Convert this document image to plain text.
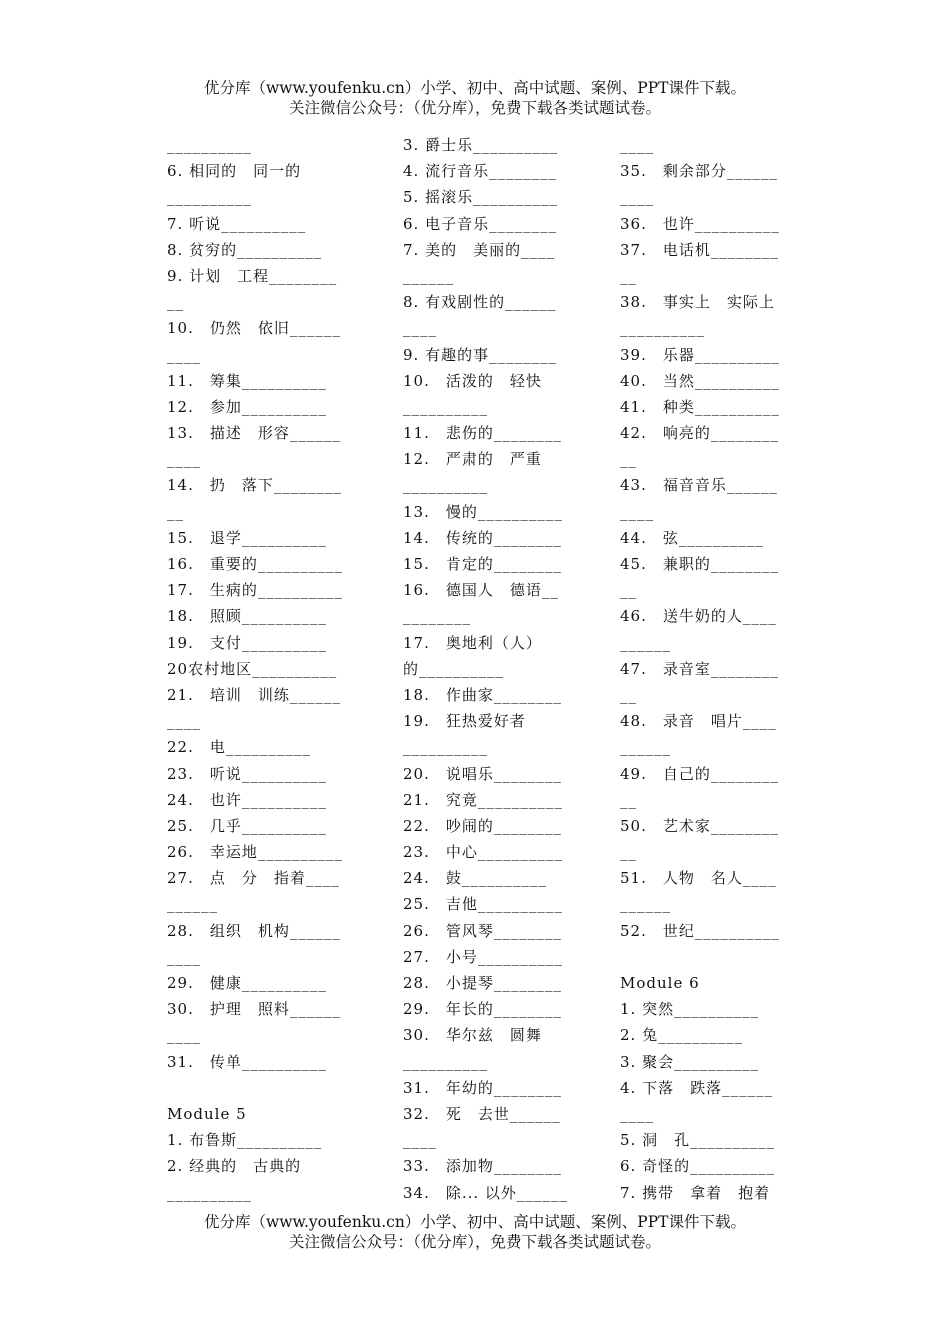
优分库（www.youfenku.cn）小学、初中、高中试题、案例、PPT课件下载。
关注微信公众号：（优分库），免费下载各类试题试卷。
__________
6. 相同的　同一的
__________
7. 听说__________
8. 贫穷的__________
9. 计划　工程________
__
10.　仍然　依旧______
____
11.　筹集__________
12.　参加__________
13.　描述　形容______
____
14.　扔　落下________
__
15.　退学__________
16.　重要的__________
17.　生病的__________
18.　照顾__________
19.　支付__________
20农村地区__________
21.　培训　训练______
____
22.　电__________
23.　听说__________
24.　也许__________
25.　几乎__________
26.　幸运地__________
27.　点　分　指着____
______
28.　组织　机构______
____
29.　健康__________
30.　护理　照料______
____
31.　传单__________
Module 5
1. 布鲁斯__________
2. 经典的　古典的
__________
3. 爵士乐__________
4. 流行音乐________
5. 摇滚乐__________
6. 电子音乐________
7. 美的　美丽的____
______
8. 有戏剧性的______
____
9. 有趣的事________
10.　活泼的　轻快
__________
11.　悲伤的________
12.　严肃的　严重
__________
13.　慢的__________
14.　传统的________
15.　肯定的________
16.　德国人　德语__
________
17.　奥地利（人）
的__________
18.　作曲家________
19.　狂热爱好者
__________
20.　说唱乐________
21.　究竟__________
22.　吵闹的________
23.　中心__________
24.　鼓__________
25.　吉他__________
26.　管风琴________
27.　小号__________
28.　小提琴________
29.　年长的________
30.　华尔兹　圆舞
__________
31.　年幼的________
32.　死　去世______
____
33.　添加物________
34.　除... 以外______
____
35.　剩余部分______
____
36.　也许__________
37.　电话机________
__
38.　事实上　实际上
__________
39.　乐器__________
40.　当然__________
41.　种类__________
42.　响亮的________
__
43.　福音音乐______
____
44.　弦__________
45.　兼职的________
__
46.　送牛奶的人____
______
47.　录音室________
__
48.　录音　唱片____
______
49.　自己的________
__
50.　艺术家________
__
51.　人物　名人____
______
52.　世纪__________
Module 6
1. 突然__________
2. 兔__________
3. 聚会__________
4. 下落　跌落______
____
5. 洞　孔__________
6. 奇怪的__________
7. 携带　拿着　抱着
优分库（www.youfenku.cn）小学、初中、高中试题、案例、PPT课件下载。
关注微信公众号：（优分库），免费下载各类试题试卷。
